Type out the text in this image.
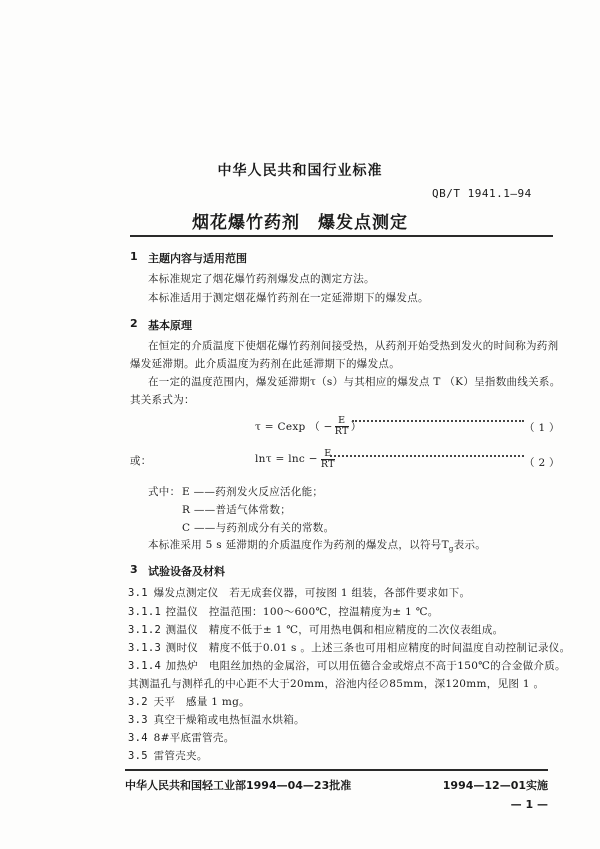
中华人民共和国行业标准
QB/T 1941.1—94
烟花爆竹药剂　爆发点测定
1 主题内容与适用范围
本标准规定了烟花爆竹药剂爆发点的测定方法。
本标准适用于测定烟花爆竹药剂在一定延滞期下的爆发点。
2 基本原理
在恒定的介质温度下使烟花爆竹药剂间接受热，从药剂开始受热到发火的时间称为药剂
爆发延滞期。此介质温度为药剂在此延滞期下的爆发点。
在一定的温度范围内，爆发延滞期τ（s）与其相应的爆发点 T （K）呈指数曲线关系。
其关系式为：
τ = Cexp （ − $\frac{E}{RT}$ ）	（ 1 ）
或：	$\ln\tau = \ln c - \frac{E}{RT}$	（ 2 ）
式中： E ——药剂发火反应活化能；
R ——普适气体常数；
C ——与药剂成分有关的常数。
本标准采用 5 s 延滞期的介质温度作为药剂的爆发点，以符号$T_g$表示。
3 试验设备及材料
3.1 爆发点测定仪　若无成套仪器，可按图 1 组装，各部件要求如下。
3.1.1 控温仪　控温范围：100～600℃，控温精度为± 1 ℃。
3.1.2 测温仪　精度不低于± 1 ℃，可用热电偶和相应精度的二次仪表组成。
3.1.3 测时仪　精度不低于0.01 s 。上述三条也可用相应精度的时间温度自动控制记录仪。
3.1.4 加热炉　电阻丝加热的金属浴，可以用伍德合金或熔点不高于150℃的合金做介质。
其测温孔与测样孔的中心距不大于20mm，浴池内径∅85mm，深120mm，见图 1 。
3.2 天平　感量 1 mg。
3.3 真空干燥箱或电热恒温水烘箱。
3.4 8#平底雷管壳。
3.5 雷管壳夹。
中华人民共和国轻工业部1994—04—23批准	1994—12—01实施
— 1 —
